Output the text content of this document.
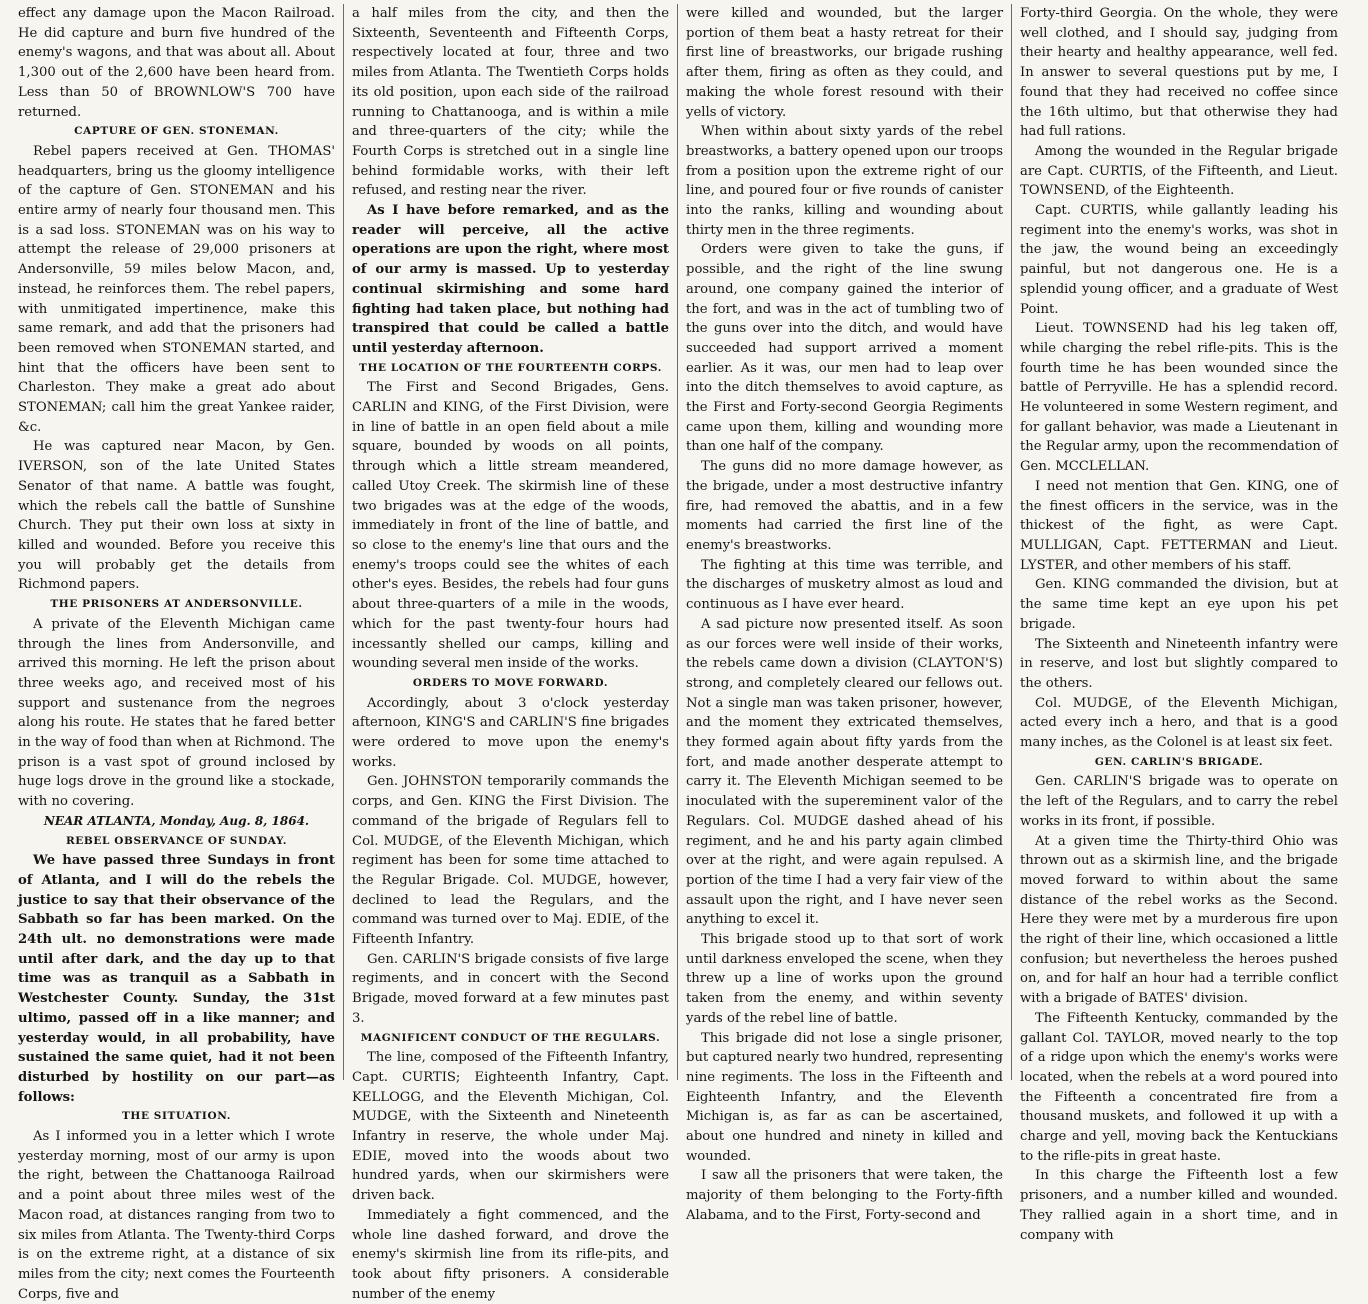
effect any damage upon the Macon Railroad. He did capture and burn five hundred of the enemy's wagons, and that was about all. About 1,300 out of the 2,600 have been heard from. Less than 50 of BROWNLOW'S 700 have returned.

CAPTURE OF GEN. STONEMAN.

Rebel papers received at Gen. THOMAS' headquarters, bring us the gloomy intelligence of the capture of Gen. STONEMAN and his entire army of nearly four thousand men. This is a sad loss. STONEMAN was on his way to attempt the release of 29,000 prisoners at Andersonville, 59 miles below Macon, and, instead, he reinforces them. The rebel papers, with unmitigated impertinence, make this same remark, and add that the prisoners had been removed when STONEMAN started, and hint that the officers have been sent to Charleston. They make a great ado about STONEMAN; call him the great Yankee raider, &c.

He was captured near Macon, by Gen. IVERSON, son of the late United States Senator of that name. A battle was fought, which the rebels call the battle of Sunshine Church. They put their own loss at sixty in killed and wounded. Before you receive this you will probably get the details from Richmond papers.

THE PRISONERS AT ANDERSONVILLE.

A private of the Eleventh Michigan came through the lines from Andersonville, and arrived this morning. He left the prison about three weeks ago, and received most of his support and sustenance from the negroes along his route. He states that he fared better in the way of food than when at Richmond. The prison is a vast spot of ground inclosed by huge logs drove in the ground like a stockade, with no covering.

NEAR ATLANTA, Monday, Aug. 8, 1864.

REBEL OBSERVANCE OF SUNDAY.

We have passed three Sundays in front of Atlanta, and I will do the rebels the justice to say that their observance of the Sabbath so far has been marked. On the 24th ult. no demonstrations were made until after dark, and the day up to that time was as tranquil as a Sabbath in Westchester County. Sunday, the 31st ultimo, passed off in a like manner; and yesterday would, in all probability, have sustained the same quiet, had it not been disturbed by hostility on our part—as follows:

THE SITUATION.

As I informed you in a letter which I wrote yesterday morning, most of our army is upon the right, between the Chattanooga Railroad and a point about three miles west of the Macon road, at distances ranging from two to six miles from Atlanta. The Twenty-third Corps is on the extreme right, at a distance of six miles from the city; next comes the Fourteenth Corps, five and

a half miles from the city, and then the Sixteenth, Seventeenth and Fifteenth Corps, respectively located at four, three and two miles from Atlanta. The Twentieth Corps holds its old position, upon each side of the railroad running to Chattanooga, and is within a mile and three-quarters of the city; while the Fourth Corps is stretched out in a single line behind formidable works, with their left refused, and resting near the river.

As I have before remarked, and as the reader will perceive, all the active operations are upon the right, where most of our army is massed. Up to yesterday continual skirmishing and some hard fighting had taken place, but nothing had transpired that could be called a battle until yesterday afternoon.

THE LOCATION OF THE FOURTEENTH CORPS.

The First and Second Brigades, Gens. CARLIN and KING, of the First Division, were in line of battle in an open field about a mile square, bounded by woods on all points, through which a little stream meandered, called Utoy Creek. The skirmish line of these two brigades was at the edge of the woods, immediately in front of the line of battle, and so close to the enemy's line that ours and the enemy's troops could see the whites of each other's eyes. Besides, the rebels had four guns about three-quarters of a mile in the woods, which for the past twenty-four hours had incessantly shelled our camps, killing and wounding several men inside of the works.

ORDERS TO MOVE FORWARD.

Accordingly, about 3 o'clock yesterday afternoon, KING'S and CARLIN'S fine brigades were ordered to move upon the enemy's works.

Gen. JOHNSTON temporarily commands the corps, and Gen. KING the First Division. The command of the brigade of Regulars fell to Col. MUDGE, of the Eleventh Michigan, which regiment has been for some time attached to the Regular Brigade. Col. MUDGE, however, declined to lead the Regulars, and the command was turned over to Maj. EDIE, of the Fifteenth Infantry.

Gen. CARLIN'S brigade consists of five large regiments, and in concert with the Second Brigade, moved forward at a few minutes past 3.

MAGNIFICENT CONDUCT OF THE REGULARS.

The line, composed of the Fifteenth Infantry, Capt. CURTIS; Eighteenth Infantry, Capt. KELLOGG, and the Eleventh Michigan, Col. MUDGE, with the Sixteenth and Nineteenth Infantry in reserve, the whole under Maj. EDIE, moved into the woods about two hundred yards, when our skirmishers were driven back.

Immediately a fight commenced, and the whole line dashed forward, and drove the enemy's skirmish line from its rifle-pits, and took about fifty prisoners. A considerable number of the enemy

were killed and wounded, but the larger portion of them beat a hasty retreat for their first line of breastworks, our brigade rushing after them, firing as often as they could, and making the whole forest resound with their yells of victory.

When within about sixty yards of the rebel breastworks, a battery opened upon our troops from a position upon the extreme right of our line, and poured four or five rounds of canister into the ranks, killing and wounding about thirty men in the three regiments.

Orders were given to take the guns, if possible, and the right of the line swung around, one company gained the interior of the fort, and was in the act of tumbling two of the guns over into the ditch, and would have succeeded had support arrived a moment earlier. As it was, our men had to leap over into the ditch themselves to avoid capture, as the First and Forty-second Georgia Regiments came upon them, killing and wounding more than one half of the company.

The guns did no more damage however, as the brigade, under a most destructive infantry fire, had removed the abattis, and in a few moments had carried the first line of the enemy's breastworks.

The fighting at this time was terrible, and the discharges of musketry almost as loud and continuous as I have ever heard.

A sad picture now presented itself. As soon as our forces were well inside of their works, the rebels came down a division (CLAYTON'S) strong, and completely cleared our fellows out. Not a single man was taken prisoner, however, and the moment they extricated themselves, they formed again about fifty yards from the fort, and made another desperate attempt to carry it. The Eleventh Michigan seemed to be inoculated with the supereminent valor of the Regulars. Col. MUDGE dashed ahead of his regiment, and he and his party again climbed over at the right, and were again repulsed. A portion of the time I had a very fair view of the assault upon the right, and I have never seen anything to excel it.

This brigade stood up to that sort of work until darkness enveloped the scene, when they threw up a line of works upon the ground taken from the enemy, and within seventy yards of the rebel line of battle.

This brigade did not lose a single prisoner, but captured nearly two hundred, representing nine regiments. The loss in the Fifteenth and Eighteenth Infantry, and the Eleventh Michigan is, as far as can be ascertained, about one hundred and ninety in killed and wounded.

I saw all the prisoners that were taken, the majority of them belonging to the Forty-fifth Alabama, and to the First, Forty-second and

Forty-third Georgia. On the whole, they were well clothed, and I should say, judging from their hearty and healthy appearance, well fed. In answer to several questions put by me, I found that they had received no coffee since the 16th ultimo, but that otherwise they had had full rations.

Among the wounded in the Regular brigade are Capt. CURTIS, of the Fifteenth, and Lieut. TOWNSEND, of the Eighteenth.

Capt. CURTIS, while gallantly leading his regiment into the enemy's works, was shot in the jaw, the wound being an exceedingly painful, but not dangerous one. He is a splendid young officer, and a graduate of West Point.

Lieut. TOWNSEND had his leg taken off, while charging the rebel rifle-pits. This is the fourth time he has been wounded since the battle of Perryville. He has a splendid record. He volunteered in some Western regiment, and for gallant behavior, was made a Lieutenant in the Regular army, upon the recommendation of Gen. MCCLELLAN.

I need not mention that Gen. KING, one of the finest officers in the service, was in the thickest of the fight, as were Capt. MULLIGAN, Capt. FETTERMAN and Lieut. LYSTER, and other members of his staff.

Gen. KING commanded the division, but at the same time kept an eye upon his pet brigade.

The Sixteenth and Nineteenth infantry were in reserve, and lost but slightly compared to the others.

Col. MUDGE, of the Eleventh Michigan, acted every inch a hero, and that is a good many inches, as the Colonel is at least six feet.

GEN. CARLIN'S BRIGADE.

Gen. CARLIN'S brigade was to operate on the left of the Regulars, and to carry the rebel works in its front, if possible.

At a given time the Thirty-third Ohio was thrown out as a skirmish line, and the brigade moved forward to within about the same distance of the rebel works as the Second. Here they were met by a murderous fire upon the right of their line, which occasioned a little confusion; but nevertheless the heroes pushed on, and for half an hour had a terrible conflict with a brigade of BATES' division.

The Fifteenth Kentucky, commanded by the gallant Col. TAYLOR, moved nearly to the top of a ridge upon which the enemy's works were located, when the rebels at a word poured into the Fifteenth a concentrated fire from a thousand muskets, and followed it up with a charge and yell, moving back the Kentuckians to the rifle-pits in great haste.

In this charge the Fifteenth lost a few prisoners, and a number killed and wounded. They rallied again in a short time, and in company with
